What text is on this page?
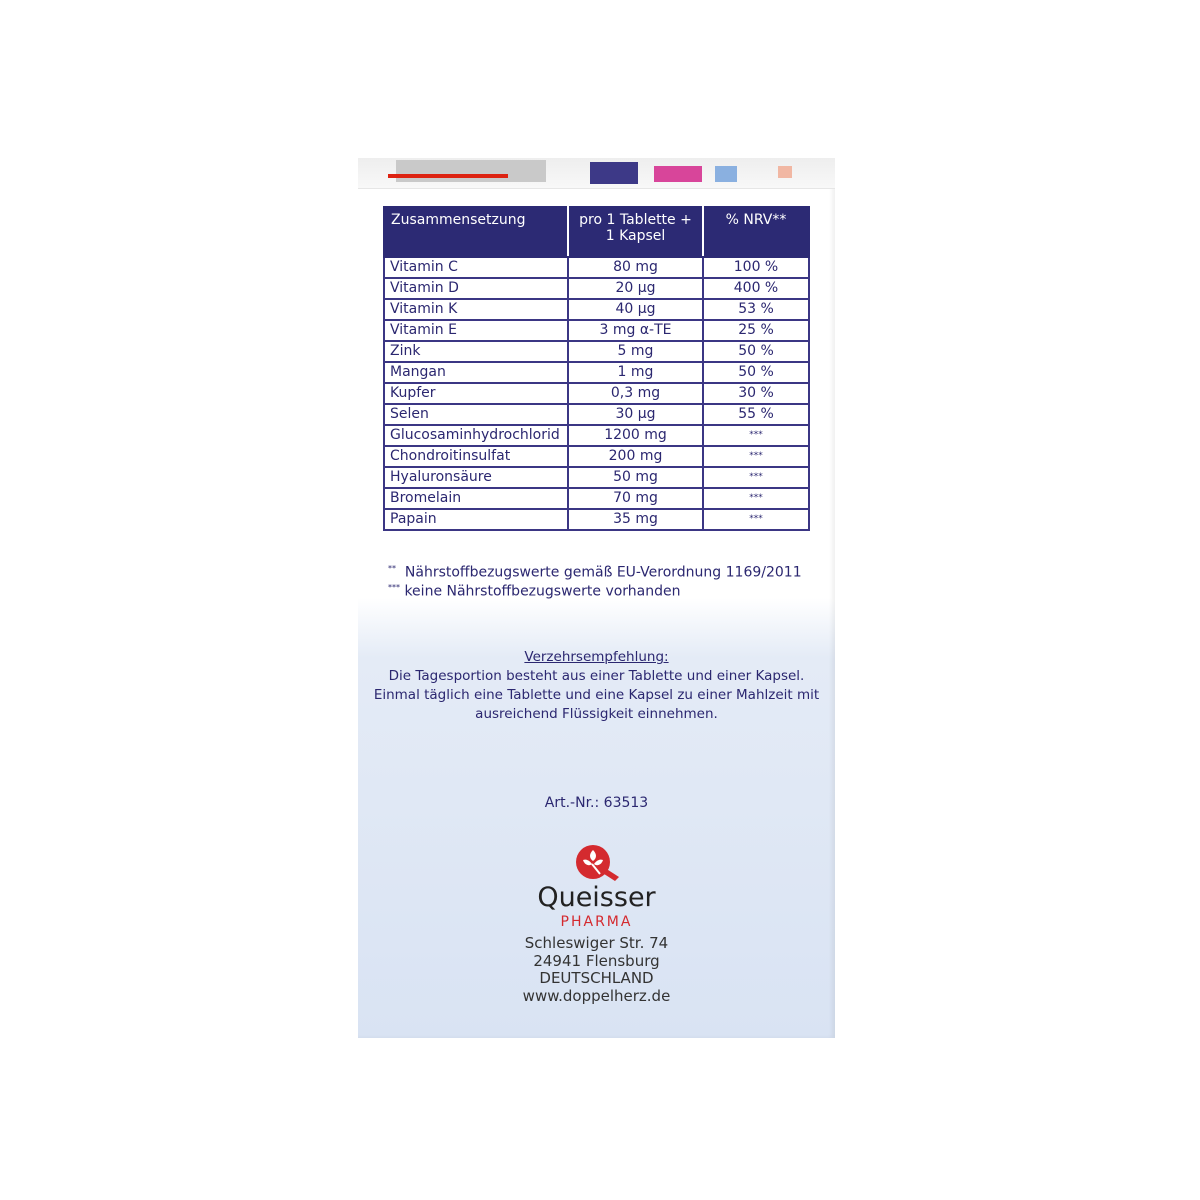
Zusammensetzung	pro 1 Tablette + 1 Kapsel	% NRV**
Vitamin C	80 mg	100 %
Vitamin D	20 µg	400 %
Vitamin K	40 µg	53 %
Vitamin E	3 mg α-TE	25 %
Zink	5 mg	50 %
Mangan	1 mg	50 %
Kupfer	0,3 mg	30 %
Selen	30 µg	55 %
Glucosaminhydrochlorid	1200 mg	***
Chondroitinsulfat	200 mg	***
Hyaluronsäure	50 mg	***
Bromelain	70 mg	***
Papain	35 mg	***
** Nährstoffbezugswerte gemäß EU-Verordnung 1169/2011
*** keine Nährstoffbezugswerte vorhanden
Verzehrsempfehlung:
Die Tagesportion besteht aus einer Tablette und einer Kapsel.
Einmal täglich eine Tablette und eine Kapsel zu einer Mahlzeit mit
ausreichend Flüssigkeit einnehmen.
Art.-Nr.: 63513
Queisser
PHARMA
Schleswiger Str. 74
24941 Flensburg
DEUTSCHLAND
www.doppelherz.de
